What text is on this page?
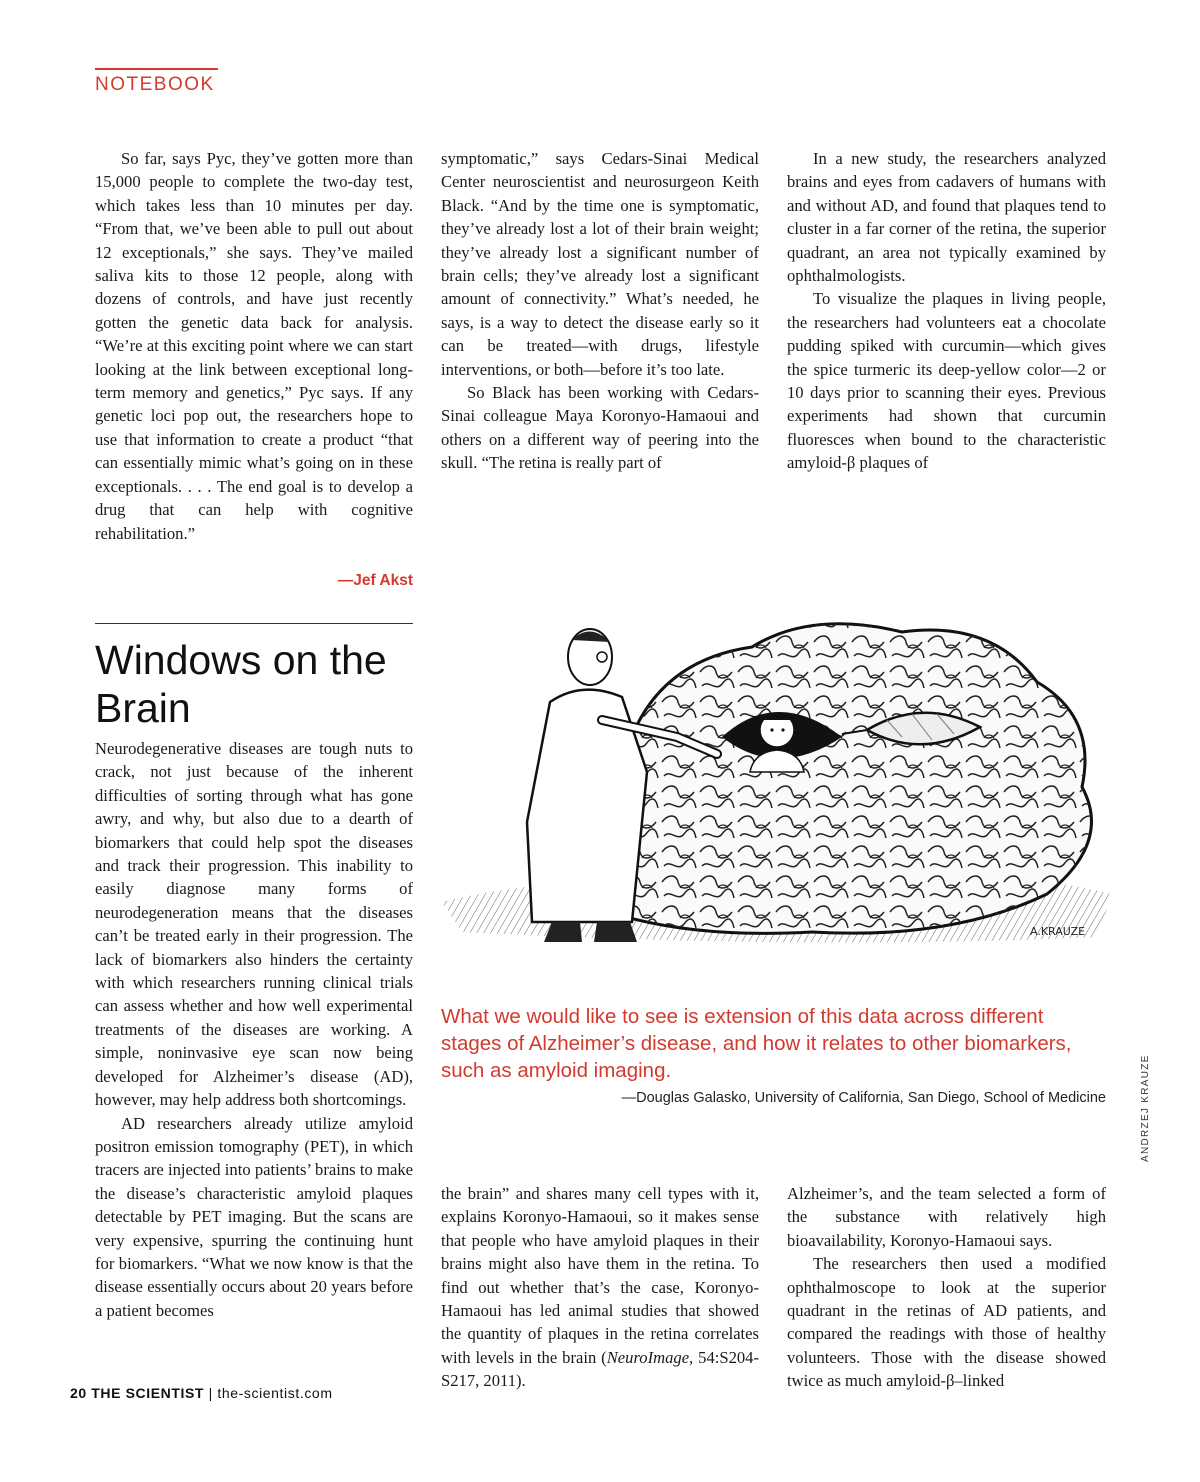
NOTEBOOK

So far, says Pyc, they’ve gotten more than 15,000 people to complete the two-day test, which takes less than 10 minutes per day. “From that, we’ve been able to pull out about 12 exceptionals,” she says. They’ve mailed saliva kits to those 12 people, along with dozens of controls, and have just recently gotten the genetic data back for analysis. “We’re at this exciting point where we can start looking at the link between exceptional long-term memory and genetics,” Pyc says. If any genetic loci pop out, the researchers hope to use that information to create a product “that can essentially mimic what’s going on in these exceptionals. . . . The end goal is to develop a drug that can help with cognitive rehabilitation.”

—Jef Akst

symptomatic,” says Cedars-Sinai Medical Center neuroscientist and neurosurgeon Keith Black. “And by the time one is symptomatic, they’ve already lost a lot of their brain weight; they’ve already lost a significant number of brain cells; they’ve already lost a significant amount of connectivity.” What’s needed, he says, is a way to detect the disease early so it can be treated—with drugs, lifestyle interventions, or both—before it’s too late.

So Black has been working with Cedars-Sinai colleague Maya Koronyo-Hamaoui and others on a different way of peering into the skull. “The retina is really part of

In a new study, the researchers analyzed brains and eyes from cadavers of humans with and without AD, and found that plaques tend to cluster in a far corner of the retina, the superior quadrant, an area not typically examined by ophthalmologists.

To visualize the plaques in living people, the researchers had volunteers eat a chocolate pudding spiked with curcumin—which gives the spice turmeric its deep-yellow color—2 or 10 days prior to scanning their eyes. Previous experiments had shown that curcumin fluoresces when bound to the characteristic amyloid-β plaques of

Windows on the Brain

Neurodegenerative diseases are tough nuts to crack, not just because of the inherent difficulties of sorting through what has gone awry, and why, but also due to a dearth of biomarkers that could help spot the diseases and track their progression. This inability to easily diagnose many forms of neurodegeneration means that the diseases can’t be treated early in their progression. The lack of biomarkers also hinders the certainty with which researchers running clinical trials can assess whether and how well experimental treatments of the diseases are working. A simple, noninvasive eye scan now being developed for Alzheimer’s disease (AD), however, may help address both shortcomings.

AD researchers already utilize amyloid positron emission tomography (PET), in which tracers are injected into patients’ brains to make the disease’s characteristic amyloid plaques detectable by PET imaging. But the scans are very expensive, spurring the continuing hunt for biomarkers. “What we now know is that the disease essentially occurs about 20 years before a patient becomes

A.KRAUZE

What we would like to see is extension of this data across different stages of Alzheimer’s disease, and how it relates to other biomarkers, such as amyloid imaging.

—Douglas Galasko, University of California, San Diego, School of Medicine

the brain” and shares many cell types with it, explains Koronyo-Hamaoui, so it makes sense that people who have amyloid plaques in their brains might also have them in the retina. To find out whether that’s the case, Koronyo-Hamaoui has led animal studies that showed the quantity of plaques in the retina correlates with levels in the brain (NeuroImage, 54:S204-S217, 2011).

Alzheimer’s, and the team selected a form of the substance with relatively high bioavailability, Koronyo-Hamaoui says.

The researchers then used a modified ophthalmoscope to look at the superior quadrant in the retinas of AD patients, and compared the readings with those of healthy volunteers. Those with the disease showed twice as much amyloid-β–linked

ANDRZEJ KRAUZE
20 THE SCIENTIST | the-scientist.com
